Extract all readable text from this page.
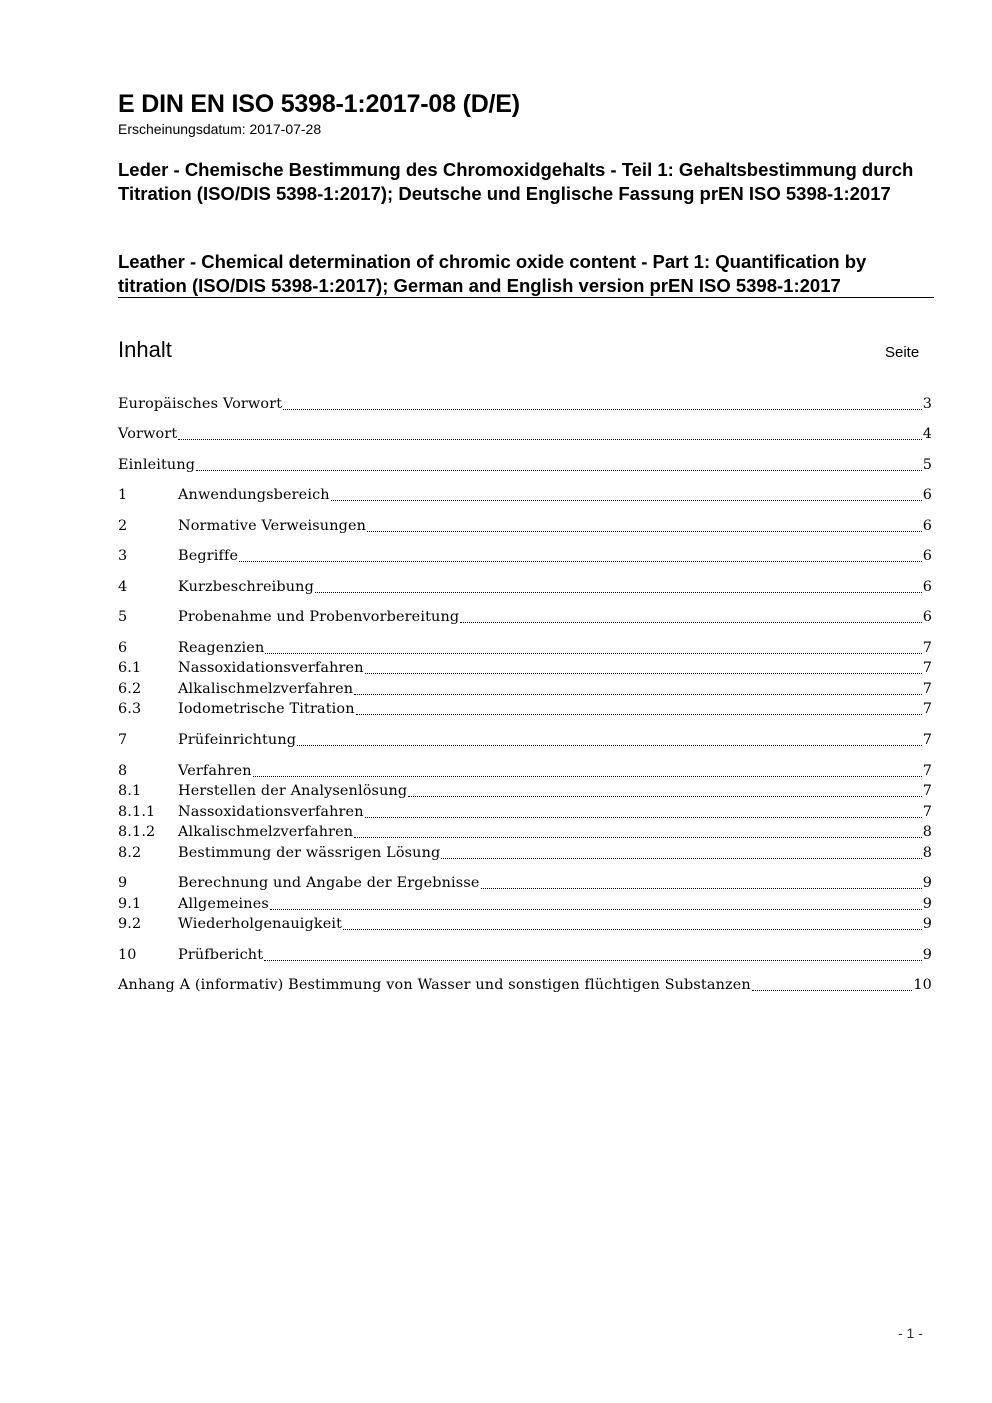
E DIN EN ISO 5398-1:2017-08 (D/E)
Erscheinungsdatum: 2017-07-28
Leder - Chemische Bestimmung des Chromoxidgehalts - Teil 1: Gehaltsbestimmung durch Titration (ISO/DIS 5398-1:2017); Deutsche und Englische Fassung prEN ISO 5398-1:2017
Leather - Chemical determination of chromic oxide content - Part 1: Quantification by titration (ISO/DIS 5398-1:2017); German and English version prEN ISO 5398-1:2017
Inhalt	Seite
Europäisches Vorwort	3
Vorwort	4
Einleitung	5
1	Anwendungsbereich	6
2	Normative Verweisungen	6
3	Begriffe	6
4	Kurzbeschreibung	6
5	Probenahme und Probenvorbereitung	6
6	Reagenzien	7
6.1	Nassoxidationsverfahren	7
6.2	Alkalischmelzverfahren	7
6.3	Iodometrische Titration	7
7	Prüfeinrichtung	7
8	Verfahren	7
8.1	Herstellen der Analysenlösung	7
8.1.1	Nassoxidationsverfahren	7
8.1.2	Alkalischmelzverfahren	8
8.2	Bestimmung der wässrigen Lösung	8
9	Berechnung und Angabe der Ergebnisse	9
9.1	Allgemeines	9
9.2	Wiederholgenauigkeit	9
10	Prüfbericht	9
Anhang A (informativ) Bestimmung von Wasser und sonstigen flüchtigen Substanzen	10
- 1 -
